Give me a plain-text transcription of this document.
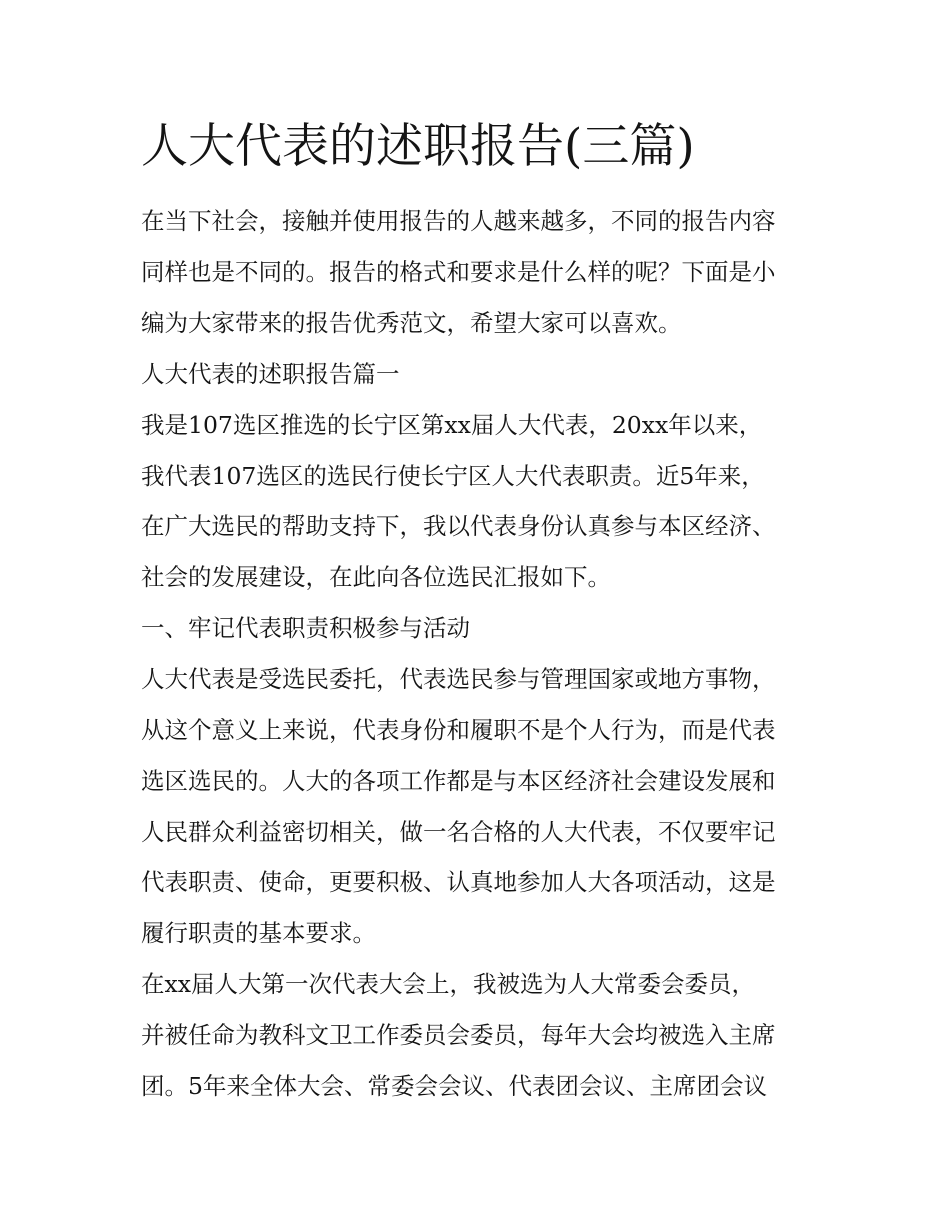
人大代表的述职报告(三篇)

在当下社会，接触并使用报告的人越来越多，不同的报告内容

同样也是不同的。报告的格式和要求是什么样的呢？下面是小

编为大家带来的报告优秀范文，希望大家可以喜欢。

人大代表的述职报告篇一

我是107选区推选的长宁区第xx届人大代表，20xx年以来，

我代表107选区的选民行使长宁区人大代表职责。近5年来，

在广大选民的帮助支持下，我以代表身份认真参与本区经济、

社会的发展建设，在此向各位选民汇报如下。

一、牢记代表职责积极参与活动

人大代表是受选民委托，代表选民参与管理国家或地方事物，

从这个意义上来说，代表身份和履职不是个人行为，而是代表

选区选民的。人大的各项工作都是与本区经济社会建设发展和

人民群众利益密切相关，做一名合格的人大代表，不仅要牢记

代表职责、使命，更要积极、认真地参加人大各项活动，这是

履行职责的基本要求。

在xx届人大第一次代表大会上，我被选为人大常委会委员，

并被任命为教科文卫工作委员会委员，每年大会均被选入主席

团。5年来全体大会、常委会会议、代表团会议、主席团会议
